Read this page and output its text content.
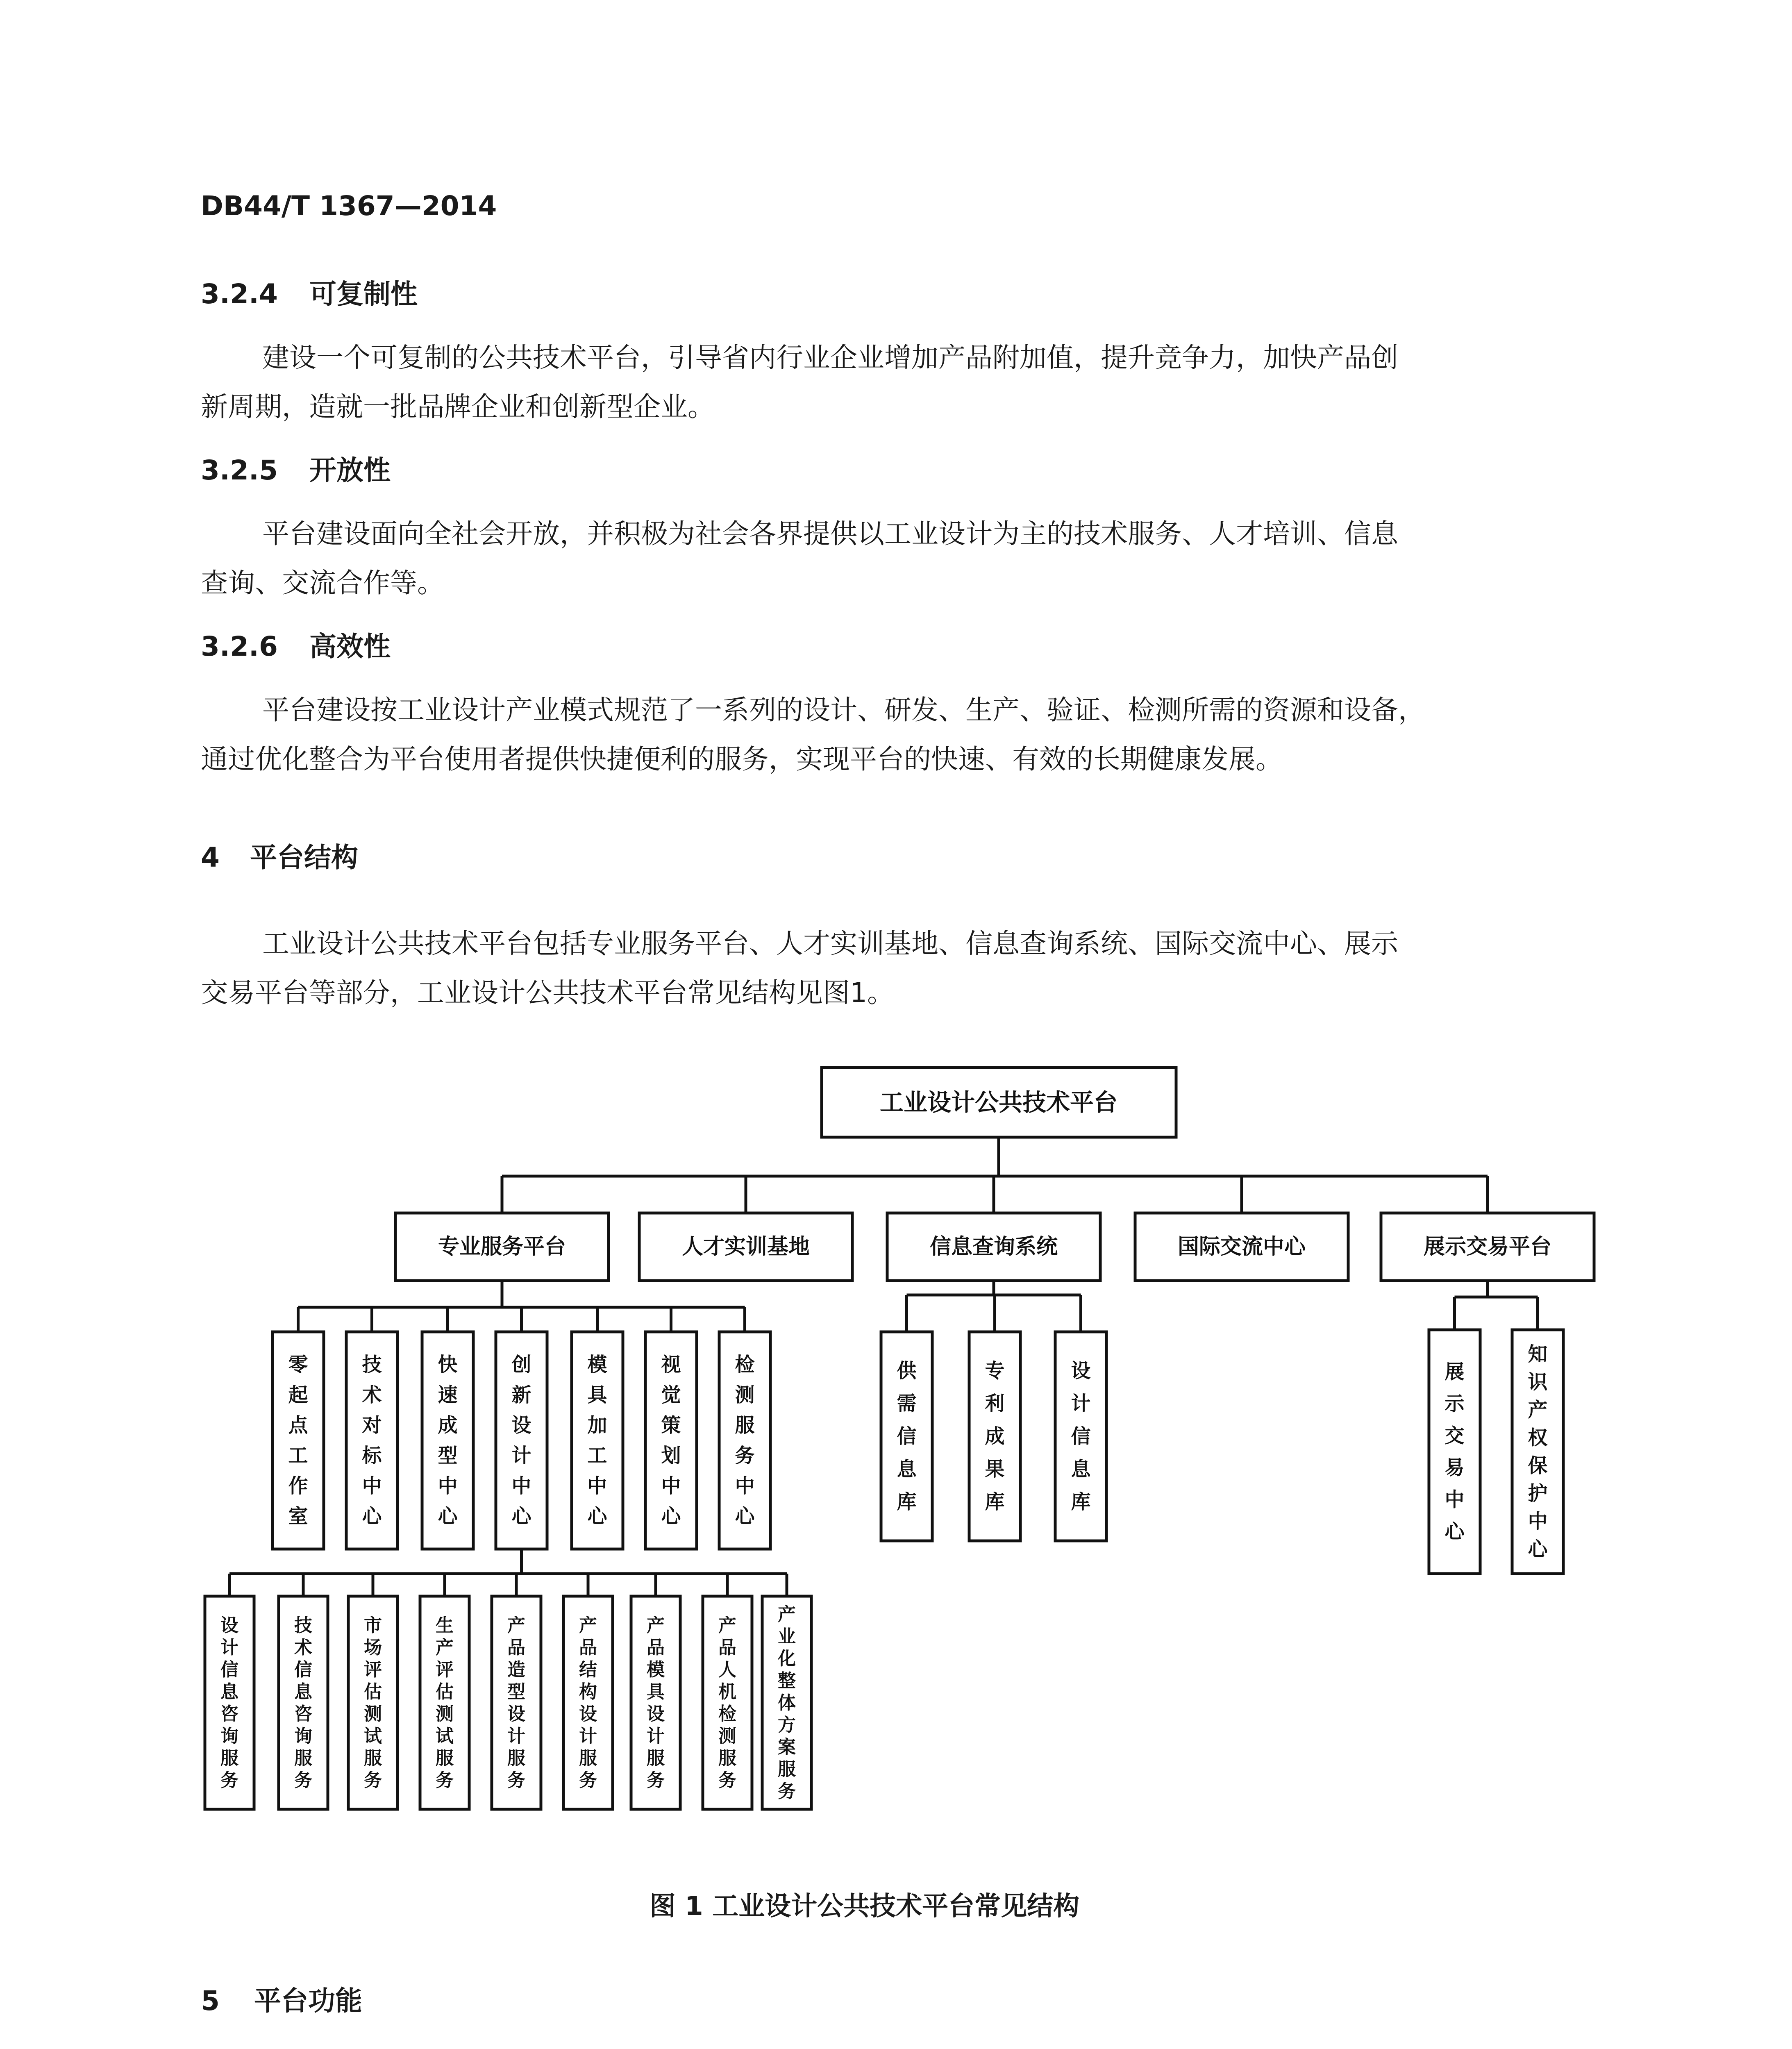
DB44/T 1367—2014
3.2.4 可复制性
建设一个可复制的公共技术平台，引导省内行业企业增加产品附加值，提升竞争力，加快产品创
新周期，造就一批品牌企业和创新型企业。
3.2.5 开放性
平台建设面向全社会开放，并积极为社会各界提供以工业设计为主的技术服务、人才培训、信息
查询、交流合作等。
3.2.6 高效性
平台建设按工业设计产业模式规范了一系列的设计、研发、生产、验证、检测所需的资源和设备，
通过优化整合为平台使用者提供快捷便利的服务，实现平台的快速、有效的长期健康发展。
4 平台结构
工业设计公共技术平台包括专业服务平台、人才实训基地、信息查询系统、国际交流中心、展示
交易平台等部分，工业设计公共技术平台常见结构见图1。
工业设计公共技术平台
专业服务平台	人才实训基地	信息查询系统	国际交流中心	展示交易平台
零起点工作室
技术对标中心
快速成型中心
创新设计中心
模具加工中心
视觉策划中心
检测服务中心
供需信息库
专利成果库
设计信息库
展示交易中心
知识产权保护中心
设计信息咨询服务
技术信息咨询服务
市场评估测试服务
生产评估测试服务
产品造型设计服务
产品结构设计服务
产品模具设计服务
产品人机检测服务
产业化整体方案服务
图 1 工业设计公共技术平台常见结构
5 平台功能
